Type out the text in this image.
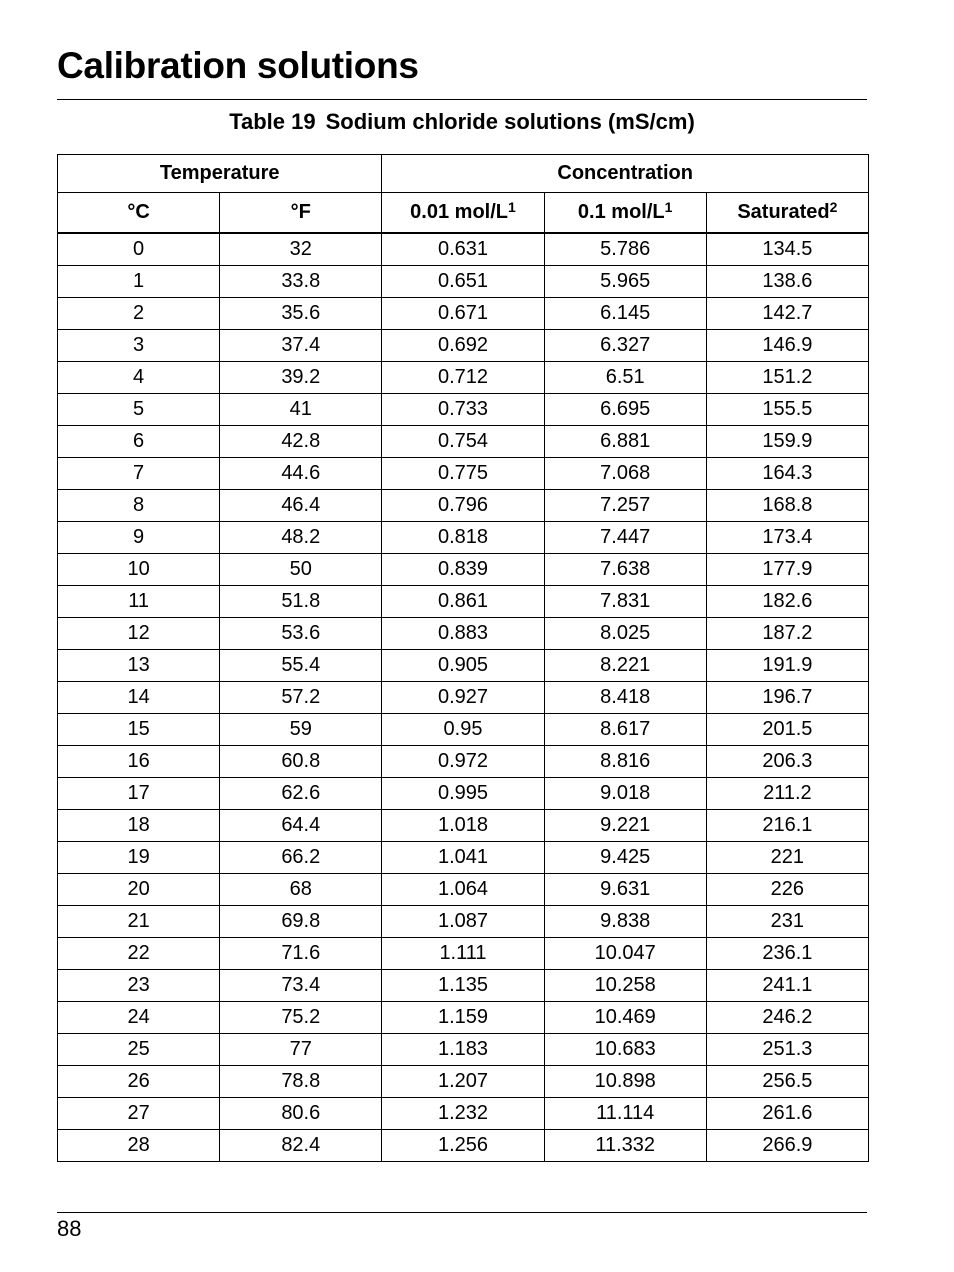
Calibration solutions
Table 19 Sodium chloride solutions (mS/cm)
Temperature		Concentration		
°C	°F	0.01 mol/$L^1$	0.1 mol/$L^1$	Saturated$^2$
0	32	0.631	5.786	134.5
1	33.8	0.651	5.965	138.6
2	35.6	0.671	6.145	142.7
3	37.4	0.692	6.327	146.9
4	39.2	0.712	6.51	151.2
5	41	0.733	6.695	155.5
6	42.8	0.754	6.881	159.9
7	44.6	0.775	7.068	164.3
8	46.4	0.796	7.257	168.8
9	48.2	0.818	7.447	173.4
10	50	0.839	7.638	177.9
11	51.8	0.861	7.831	182.6
12	53.6	0.883	8.025	187.2
13	55.4	0.905	8.221	191.9
14	57.2	0.927	8.418	196.7
15	59	0.95	8.617	201.5
16	60.8	0.972	8.816	206.3
17	62.6	0.995	9.018	211.2
18	64.4	1.018	9.221	216.1
19	66.2	1.041	9.425	221
20	68	1.064	9.631	226
21	69.8	1.087	9.838	231
22	71.6	1.111	10.047	236.1
23	73.4	1.135	10.258	241.1
24	75.2	1.159	10.469	246.2
25	77	1.183	10.683	251.3
26	78.8	1.207	10.898	256.5
27	80.6	1.232	11.114	261.6
28	82.4	1.256	11.332	266.9
88
